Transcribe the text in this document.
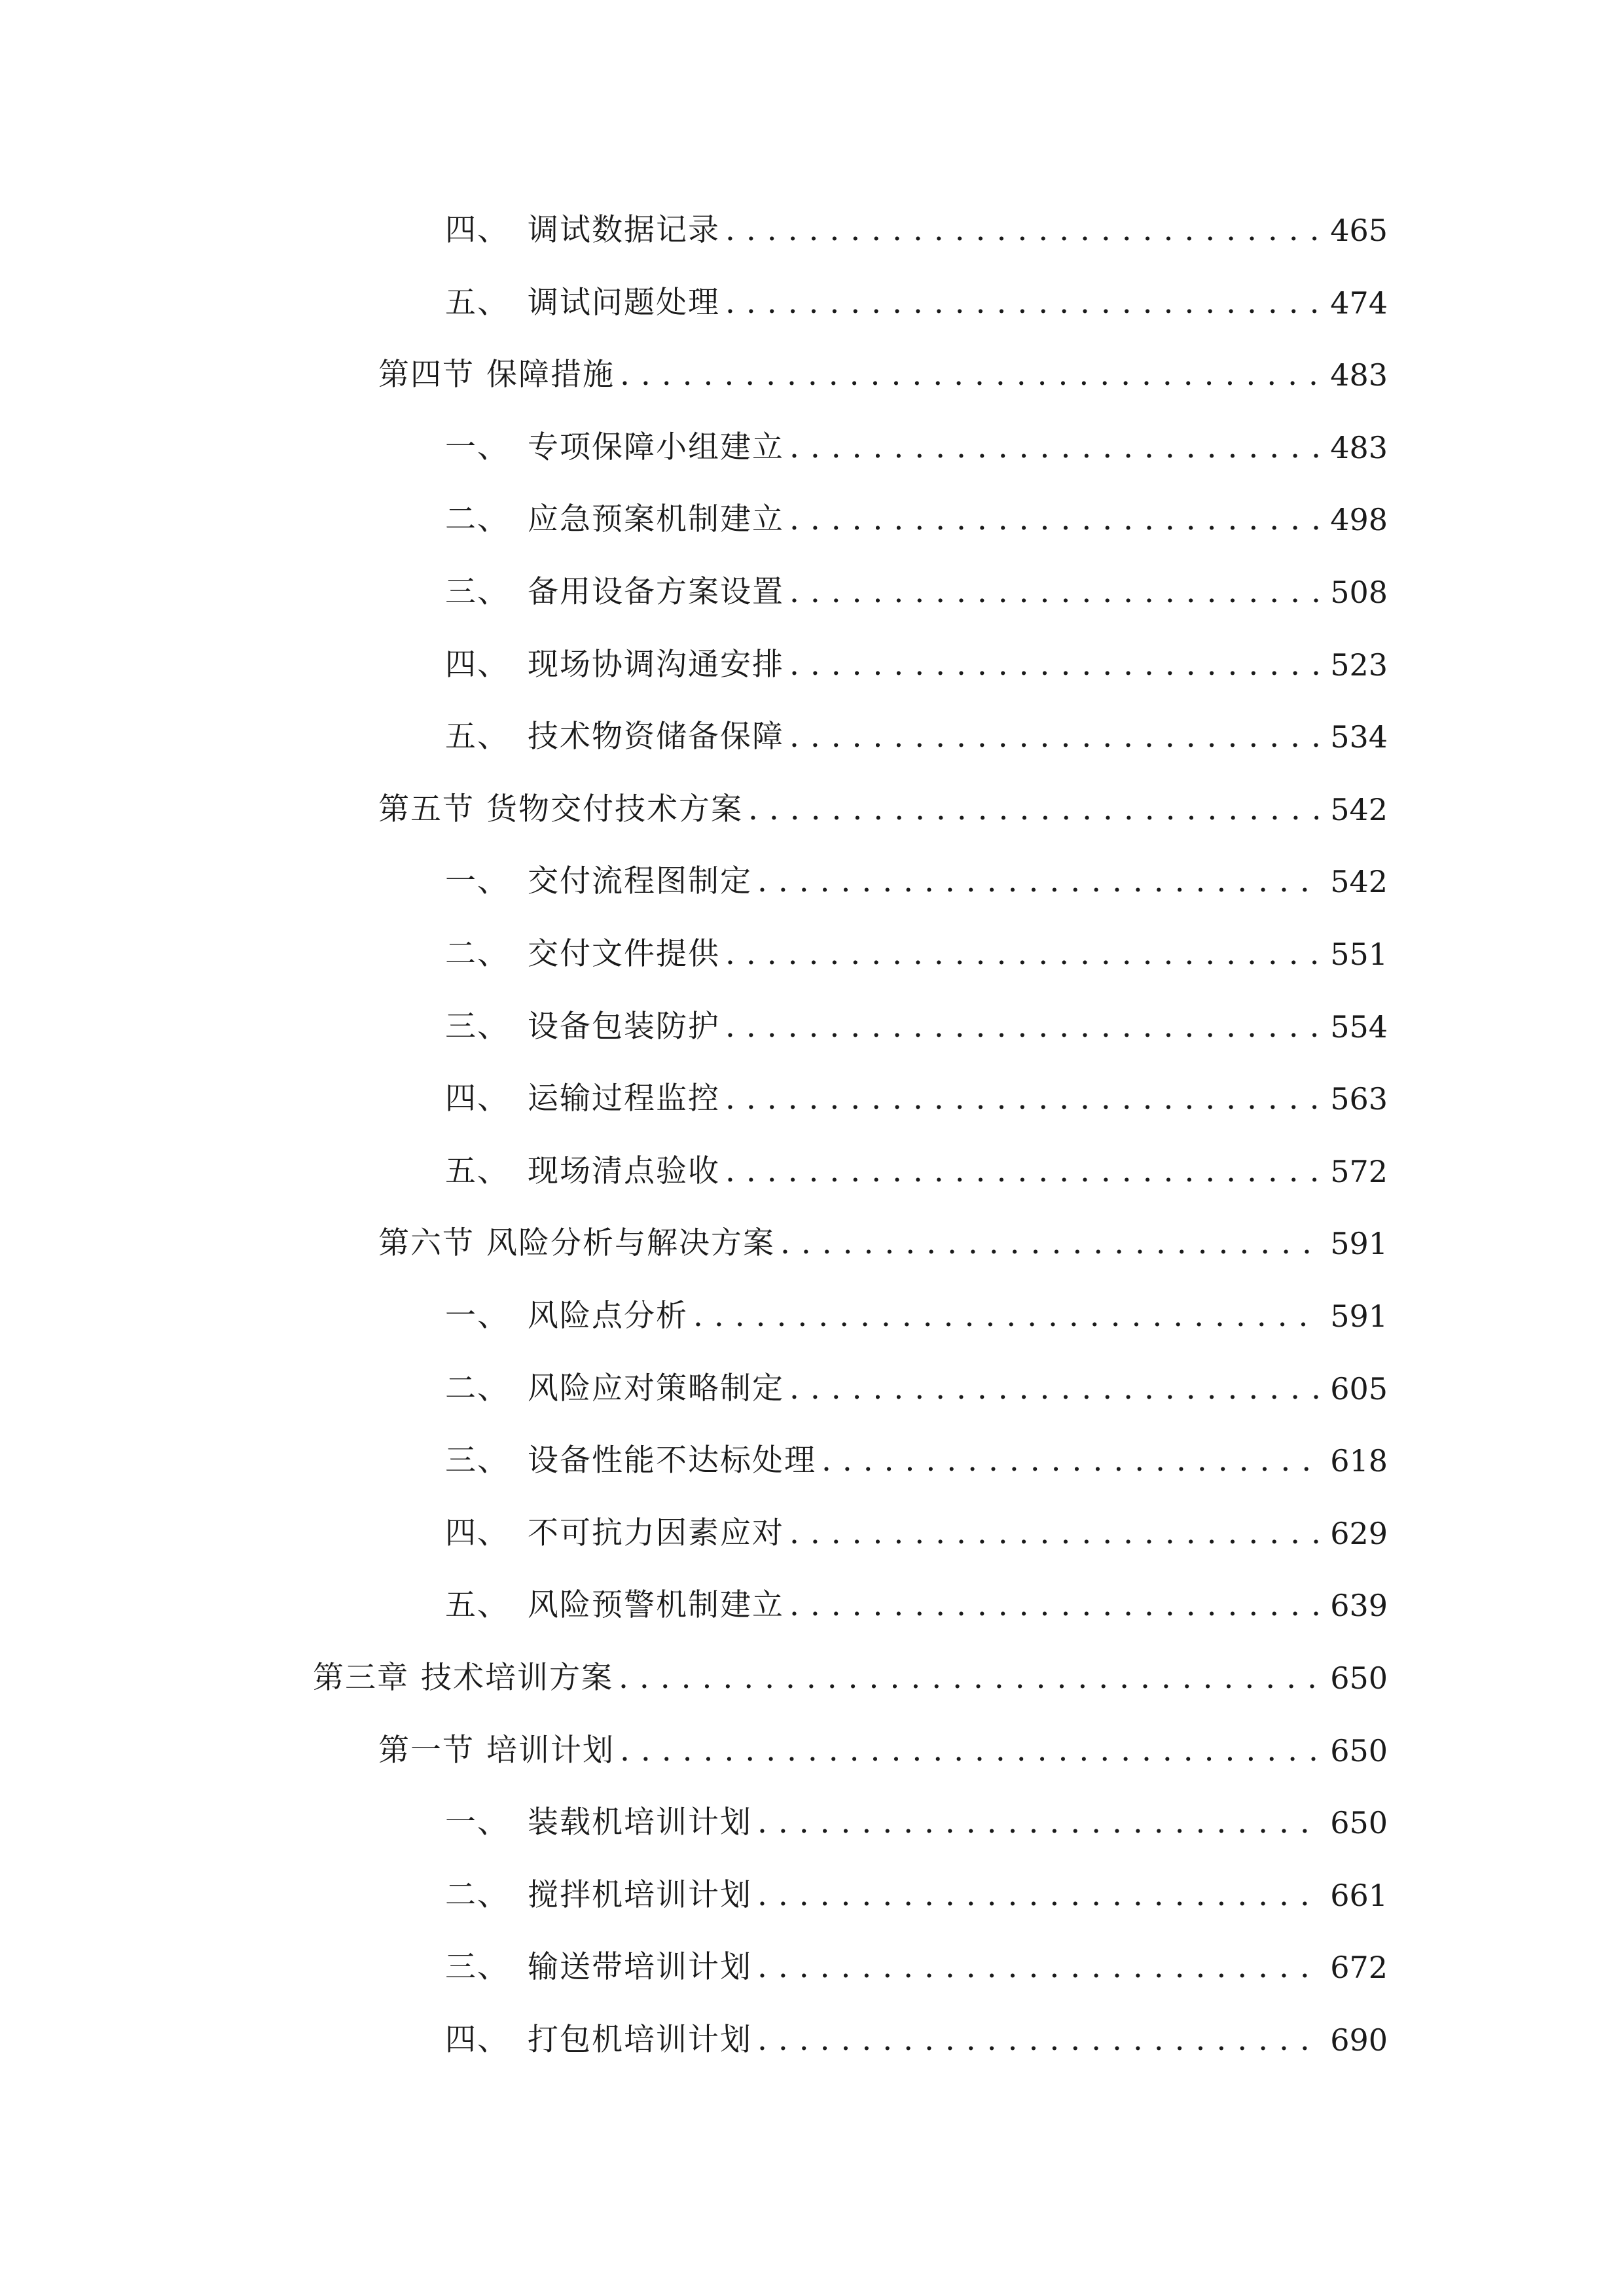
四、 调试数据记录 . . .	465
五、 调试问题处理 . . .	474
第四节 保障措施 . . .	483
一、 专项保障小组建立 . . .	483
二、 应急预案机制建立 . . .	498
三、 备用设备方案设置 . . .	508
四、 现场协调沟通安排 . . .	523
五、 技术物资储备保障 . . .	534
第五节 货物交付技术方案 . . .	542
一、 交付流程图制定 . . .	542
二、 交付文件提供 . . .	551
三、 设备包装防护 . . .	554
四、 运输过程监控 . . .	563
五、 现场清点验收 . . .	572
第六节 风险分析与解决方案 . . .	591
一、 风险点分析 . . .	591
二、 风险应对策略制定 . . .	605
三、 设备性能不达标处理 . . .	618
四、 不可抗力因素应对 . . .	629
五、 风险预警机制建立 . . .	639
第三章 技术培训方案 . . .	650
第一节 培训计划 . . .	650
一、 装载机培训计划 . . .	650
二、 搅拌机培训计划 . . .	661
三、 输送带培训计划 . . .	672
四、 打包机培训计划 . . .	690
